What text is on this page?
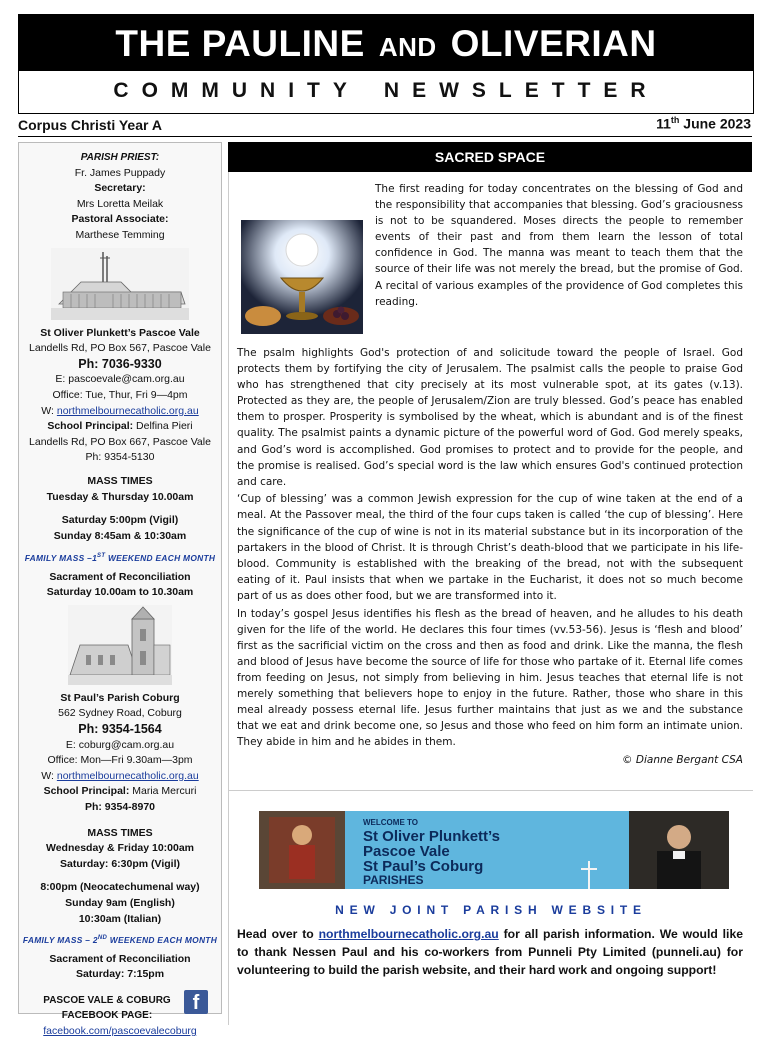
THE PAULINE AND OLIVERIAN
COMMUNITY NEWSLETTER
Corpus Christi Year A	11th June 2023

PARISH PRIEST:

Fr. James Puppady

Secretary:

Mrs Loretta Meilak

Pastoral Associate:

Marthese Temming

St Oliver Plunkett’s Pascoe Vale

Landells Rd, PO Box 567, Pascoe Vale

Ph: 7036-9330

E: pascoevale@cam.org.au

Office: Tue, Thur, Fri 9—4pm

W: northmelbournecatholic.org.au

School Principal: Delfina Pieri

Landells Rd, PO Box 667, Pascoe Vale

Ph: 9354-5130

MASS TIMES

Tuesday & Thursday 10.00am

Saturday 5:00pm (Vigil)

Sunday 8:45am & 10:30am

FAMILY MASS –1ST WEEKEND EACH MONTH

Sacrament of Reconciliation

Saturday 10.00am to 10.30am

St Paul’s Parish Coburg

562 Sydney Road, Coburg

Ph: 9354-1564

E: coburg@cam.org.au

Office: Mon—Fri 9.30am—3pm

W: northmelbournecatholic.org.au

School Principal: Maria Mercuri

Ph: 9354-8970

MASS TIMES

Wednesday & Friday 10:00am

Saturday: 6:30pm (Vigil)

8:00pm (Neocatechumenal way)

Sunday 9am (English)

10:30am (Italian)

FAMILY MASS – 2ND WEEKEND EACH MONTH

Sacrament of Reconciliation

Saturday: 7:15pm

PASCOE VALE & COBURG

FACEBOOK PAGE:

f

facebook.com/pascoevalecoburg

SACRED SPACE

The first reading for today concentrates on the blessing of God and the responsibility that accompanies that blessing. God’s graciousness is not to be squandered. Moses directs the people to remember events of their past and from them learn the lesson of total confidence in God. The manna was meant to teach them that the source of their life was not merely the bread, but the promise of God. A recital of various examples of the providence of God completes this reading.

The psalm highlights God's protection of and solicitude toward the people of Israel. God protects them by fortifying the city of Jerusalem. The psalmist calls the people to praise God who has strengthened that city precisely at its most vulnerable spot, at its gates (v.13). Protected as they are, the people of Jerusalem/Zion are truly blessed. God’s peace has enabled them to prosper. Prosperity is symbolised by the wheat, which is abundant and is of the finest quality. The psalmist paints a dynamic picture of the powerful word of God. God merely speaks, and God’s word is accomplished. God promises to protect and to provide for the people, and the promise is realised. God’s special word is the law which ensures God's continued protection and care.

‘Cup of blessing’ was a common Jewish expression for the cup of wine taken at the end of a meal. At the Passover meal, the third of the four cups taken is called ‘the cup of blessing’. Here the significance of the cup of wine is not in its material substance but in its incorporation of the partakers in the blood of Christ. It is through Christ’s death-blood that we participate in his life-blood. Community is established with the breaking of the bread, not with the subsequent eating of it. Paul insists that when we partake in the Eucharist, it does not so much become part of us as does other food, but we are transformed into it.

In today’s gospel Jesus identifies his flesh as the bread of heaven, and he alludes to his death given for the life of the world. He declares this four times (vv.53-56). Jesus is ‘flesh and blood’ first as the sacrificial victim on the cross and then as food and drink. Like the manna, the flesh and blood of Jesus have become the source of life for those who partake of it. Eternal life comes from feeding on Jesus, not simply from believing in him. Jesus teaches that eternal life is not merely something that believers hope to enjoy in the future. Rather, those who share in this meal already possess eternal life. Jesus further maintains that just as we and the substance that we eat and drink become one, so Jesus and those who feed on him form an intimate union. They abide in him and he abides in them.

© Dianne Bergant CSA

WELCOME TO
St Oliver Plunkett’s
Pascoe Vale
St Paul’s Coburg
PARISHES
NEW JOINT PARISH WEBSITE
Head over to northmelbournecatholic.org.au for all parish information. We would like to thank Nessen Paul and his co-workers from Punneli Pty Limited (punneli.au) for volunteering to build the parish website, and their hard work and ongoing support!
